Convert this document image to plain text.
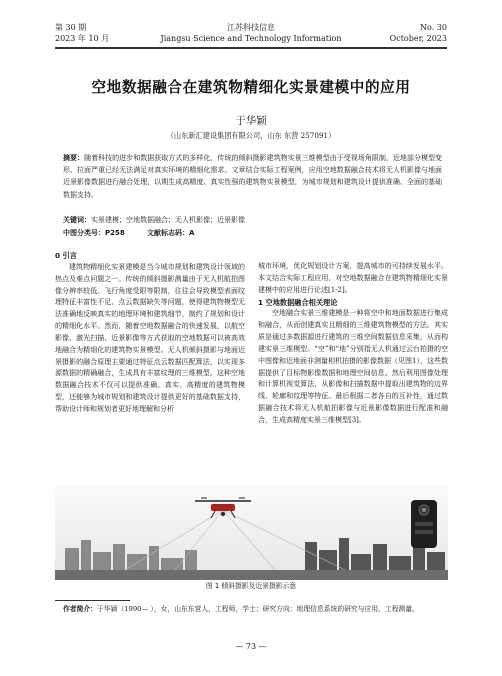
第 30 期
2023 年 10 月
江苏科技信息
Jiangsu Science and Technology Information
No. 30
October, 2023
空地数据融合在建筑物精细化实景建模中的应用
于华颖
（山东新汇建设集团有限公司，山东 东营 257091）
摘要：随着科技的进步和数据获取方式的多样化，传统的倾斜摄影建筑物实景三维模型由于受视场角限制，近地部分模型变形、拉面严重已经无法满足对真实环境的精细化需求。文章结合实际工程案例，应用空地数据融合技术将无人机影像与地面近景影像数据进行融合处理，以期生成高精度、真实性强的建筑物实景模型，为城市规划和建筑设计提供准确、全面的基础数据支持。
关键词：实景建模；空地数据融合；无人机影像；近景影像
中图分类号：P258	文献标志码：A
0 引言

建筑物精细化实景建模是当今城市规划和建筑设计领域的热点及难点问题之一。传统的倾斜摄影测量由于无人机航拍图像分辨率较低、飞行角度受限等限制，往往会导致模型表面纹理特征丰富性不足、点云数据缺失等问题，使得建筑物模型无法准确地反映真实的地理环境和建筑细节，制约了规划和设计的精细化水平。然而，随着空地数据融合的快速发展，以航空影像、激光扫描、近景影像等方式获取的空地数据可以被高效地融合为精细化的建筑物实景模型。无人机倾斜摄影与地面近景摄影的融合原理主要通过特征点云数据匹配算法，以实现多源数据的精确融合，生成具有丰富纹理的三维模型。这种空地数据融合技术不仅可以提供准确、真实、高精度的建筑物模型，还能够为城市规划和建筑设计提供更好的基础数据支持，帮助设计师和规划者更好地理解和分析

城市环境，优化规划设计方案，提高城市的可持续发展水平。本文结合实际工程应用，对空地数据融合在建筑物精细化实景建模中的应用进行论述[1-2]。

1 空地数据融合相关理论

空地融合实景三维建模是一种将空中和地面数据进行集成和融合，从而创建真实且精细的三维建筑物模型的方法。其实质是通过多数据源进行建筑的三维空间数据信息采集，从而构建实景三维模型。“空”和“地”分别指无人机通过云台拍摄的空中图像和近地面非测量相机拍摄的影像数据（见图1），这些数据提供了目标物影像数据和地理空间信息。然后利用图像处理和计算机视觉算法，从影像和扫描数据中提取出建筑物的边界线、轮廓和纹理等特征。最后根据二者各自的互补性，通过数据融合技术将无人机航拍影像与近景影像数据进行配准和融合，生成高精度实景三维模型[3]。

图 1 倾斜摄影及近景摄影示意
作者简介：于华颖（1990— ），女，山东东营人，工程师，学士；研究方向：地理信息系统的研究与应用、工程测量。
— 73 —
